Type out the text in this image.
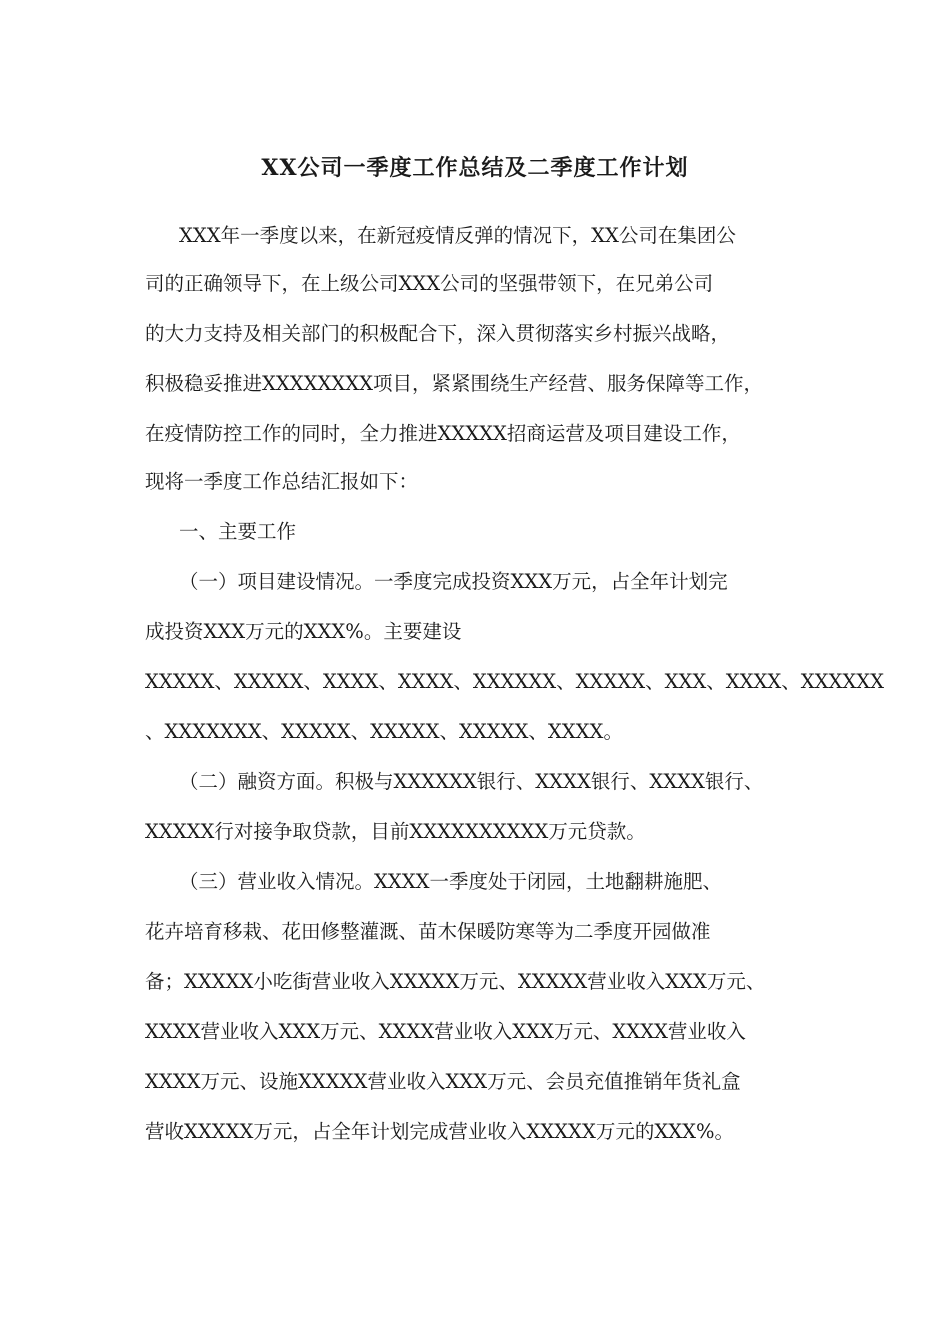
XX公司一季度工作总结及二季度工作计划

XXX年一季度以来，在新冠疫情反弹的情况下，XX公司在集团公

司的正确领导下，在上级公司XXX公司的坚强带领下，在兄弟公司

的大力支持及相关部门的积极配合下，深入贯彻落实乡村振兴战略，

积极稳妥推进XXXXXXXX项目，紧紧围绕生产经营、服务保障等工作，

在疫情防控工作的同时，全力推进XXXXX招商运营及项目建设工作，

现将一季度工作总结汇报如下：

一、主要工作

（一）项目建设情况。一季度完成投资XXX万元，占全年计划完

成投资XXX万元的XXX%。主要建设

XXXXX、XXXXX、XXXX、XXXX、XXXXXX、XXXXX、XXX、XXXX、XXXXXX

、XXXXXXX、XXXXX、XXXXX、XXXXX、XXXX。

（二）融资方面。积极与XXXXXX银行、XXXX银行、XXXX银行、

XXXXX行对接争取贷款，目前XXXXXXXXXX万元贷款。

（三）营业收入情况。XXXX一季度处于闭园，土地翻耕施肥、

花卉培育移栽、花田修整灌溉、苗木保暖防寒等为二季度开园做准

备；XXXXX小吃街营业收入XXXXX万元、XXXXX营业收入XXX万元、

XXXX营业收入XXX万元、XXXX营业收入XXX万元、XXXX营业收入

XXXX万元、设施XXXXX营业收入XXX万元、会员充值推销年货礼盒

营收XXXXX万元，占全年计划完成营业收入XXXXX万元的XXX%。
